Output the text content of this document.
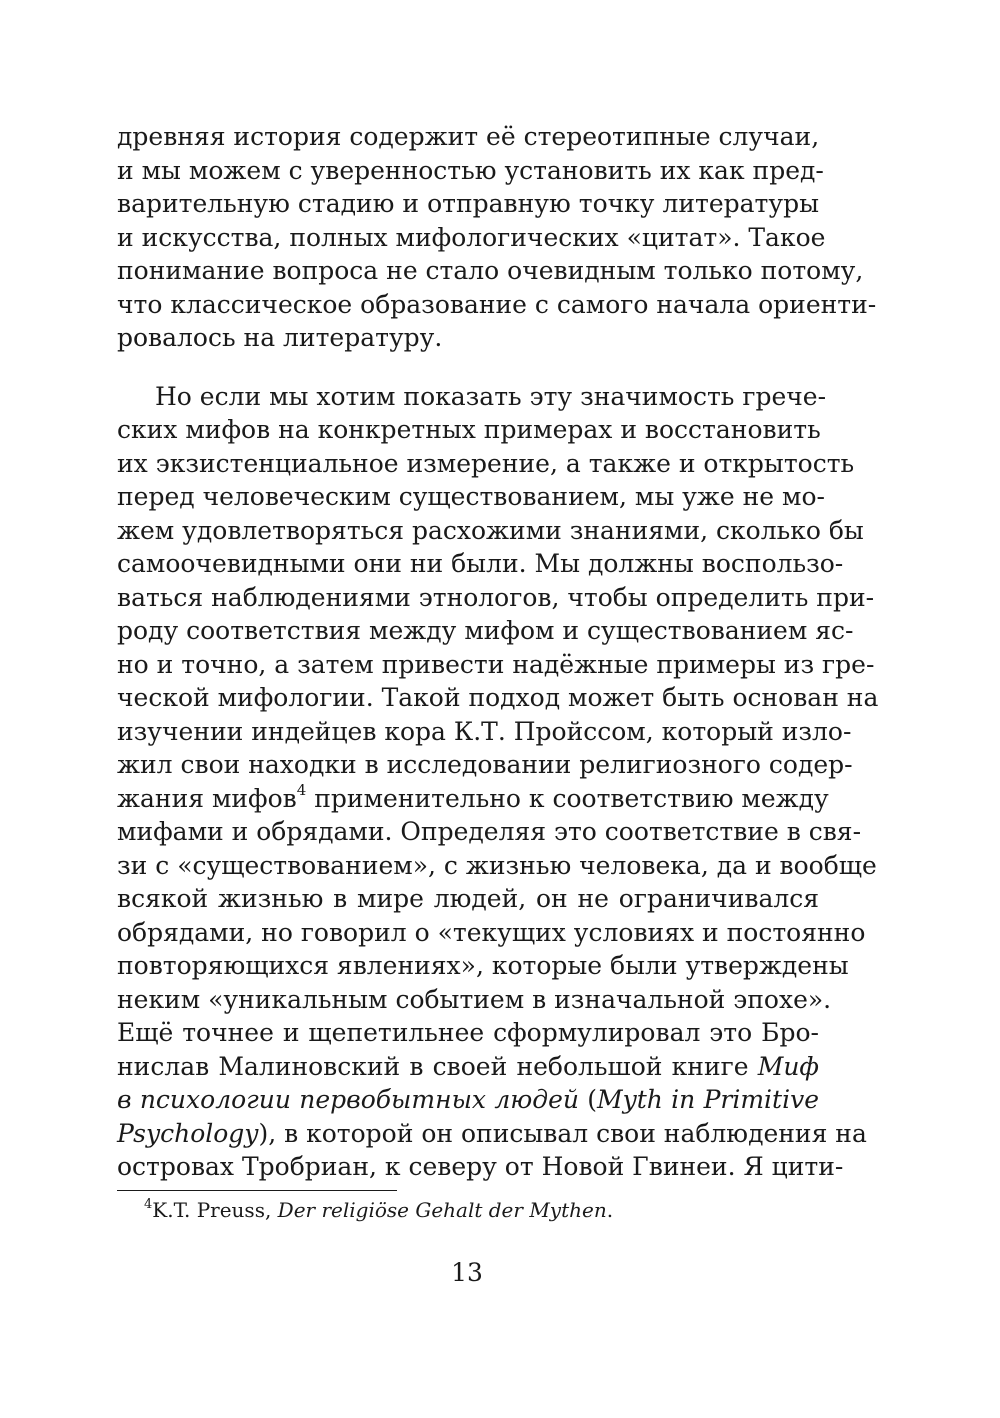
древняя история содержит её стереотипные случаи,
и мы можем с уверенностью установить их как пред-
варительную стадию и отправную точку литературы
и искусства, полных мифологических «цитат». Такое
понимание вопроса не стало очевидным только потому,
что классическое образование с самого начала ориенти-
ровалось на литературу.
Но если мы хотим показать эту значимость грече-
ских мифов на конкретных примерах и восстановить
их экзистенциальное измерение, а также и открытость
перед человеческим существованием, мы уже не мо-
жем удовлетворяться расхожими знаниями, сколько бы
самоочевидными они ни были. Мы должны воспользо-
ваться наблюдениями этнологов, чтобы определить при-
роду соответствия между мифом и существованием яс-
но и точно, а затем привести надёжные примеры из гре-
ческой мифологии. Такой подход может быть основан на
изучении индейцев кора К.Т. Пройссом, который изло-
жил свои находки в исследовании религиозного содер-
жания мифов$^4$ применительно к соответствию между
мифами и обрядами. Определяя это соответствие в свя-
зи с «существованием», с жизнью человека, да и вообще
всякой жизнью в мире людей, он не ограничивался
обрядами, но говорил о «текущих условиях и постоянно
повторяющихся явлениях», которые были утверждены
неким «уникальным событием в изначальной эпохе».
Ещё точнее и щепетильнее сформулировал это Бро-
нислав Малиновский в своей небольшой книге Миф
в психологии первобытных людей (Myth in Primitive
Psychology), в которой он описывал свои наблюдения на
островах Тробриан, к северу от Новой Гвинеи. Я цити-

$^4$K.T. Preuss, Der religiöse Gehalt der Mythen.

13
